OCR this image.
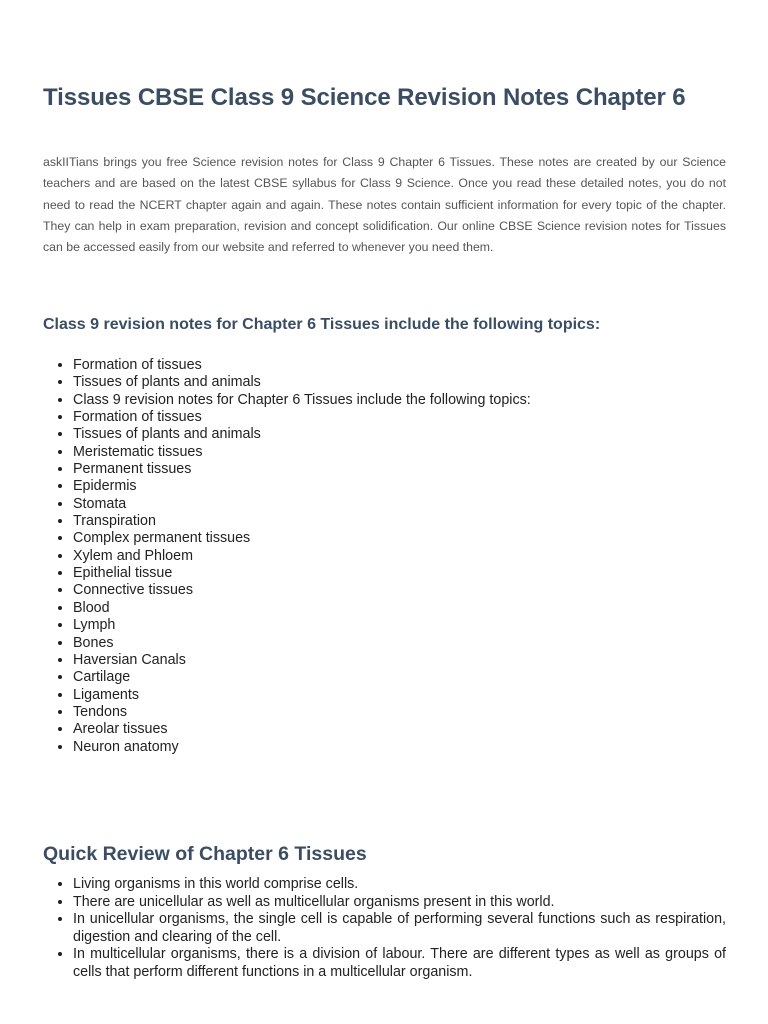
Tissues CBSE Class 9 Science Revision Notes Chapter 6

askIITians brings you free Science revision notes for Class 9 Chapter 6 Tissues. These notes are created by our Science teachers and are based on the latest CBSE syllabus for Class 9 Science. Once you read these detailed notes, you do not need to read the NCERT chapter again and again. These notes contain sufficient information for every topic of the chapter. They can help in exam preparation, revision and concept solidification. Our online CBSE Science revision notes for Tissues can be accessed easily from our website and referred to whenever you need them.

Class 9 revision notes for Chapter 6 Tissues include the following topics:
• Formation of tissues
• Tissues of plants and animals
• Class 9 revision notes for Chapter 6 Tissues include the following topics:
• Formation of tissues
• Tissues of plants and animals
• Meristematic tissues
• Permanent tissues
• Epidermis
• Stomata
• Transpiration
• Complex permanent tissues
• Xylem and Phloem
• Epithelial tissue
• Connective tissues
• Blood
• Lymph
• Bones
• Haversian Canals
• Cartilage
• Ligaments
• Tendons
• Areolar tissues
• Neuron anatomy
Quick Review of Chapter 6 Tissues
• Living organisms in this world comprise cells.
• There are unicellular as well as multicellular organisms present in this world.
• In unicellular organisms, the single cell is capable of performing several functions such as respiration, digestion and clearing of the cell.
• In multicellular organisms, there is a division of labour. There are different types as well as groups of cells that perform different functions in a multicellular organism.
